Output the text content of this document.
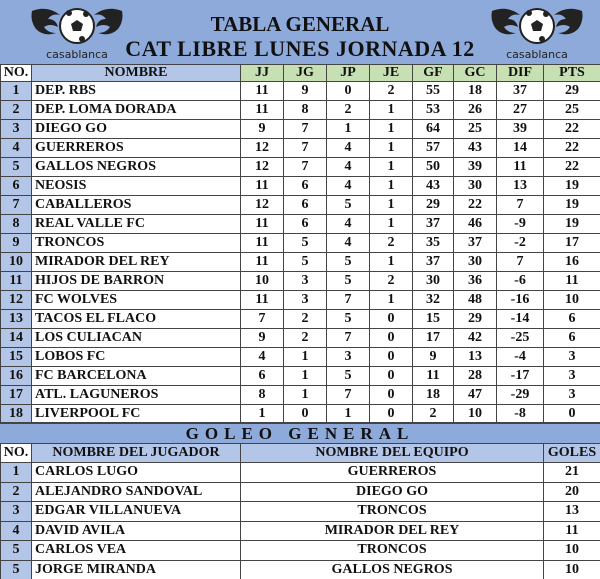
casablanca	casablanca
TABLA GENERAL
CAT LIBRE LUNES JORNADA 12
NO.	NOMBRE	JJ	JG	JP	JE	GF	GC	DIF	PTS
1	DEP. RBS	11	9	0	2	55	18	37	29
2	DEP. LOMA DORADA	11	8	2	1	53	26	27	25
3	DIEGO GO	9	7	1	1	64	25	39	22
4	GUERREROS	12	7	4	1	57	43	14	22
5	GALLOS NEGROS	12	7	4	1	50	39	11	22
6	NEOSIS	11	6	4	1	43	30	13	19
7	CABALLEROS	12	6	5	1	29	22	7	19
8	REAL VALLE FC	11	6	4	1	37	46	-9	19
9	TRONCOS	11	5	4	2	35	37	-2	17
10	MIRADOR DEL REY	11	5	5	1	37	30	7	16
11	HIJOS DE BARRON	10	3	5	2	30	36	-6	11
12	FC WOLVES	11	3	7	1	32	48	-16	10
13	TACOS EL FLACO	7	2	5	0	15	29	-14	6
14	LOS CULIACAN	9	2	7	0	17	42	-25	6
15	LOBOS FC	4	1	3	0	9	13	-4	3
16	FC BARCELONA	6	1	5	0	11	28	-17	3
17	ATL. LAGUNEROS	8	1	7	0	18	47	-29	3
18	LIVERPOOL FC	1	0	1	0	2	10	-8	0
GOLEO GENERAL
NO.	NOMBRE DEL JUGADOR	NOMBRE DEL EQUIPO	GOLES
1	CARLOS LUGO	GUERREROS	21
2	ALEJANDRO SANDOVAL	DIEGO GO	20
3	EDGAR VILLANUEVA	TRONCOS	13
4	DAVID AVILA	MIRADOR DEL REY	11
5	CARLOS VEA	TRONCOS	10
5	JORGE MIRANDA	GALLOS NEGROS	10
